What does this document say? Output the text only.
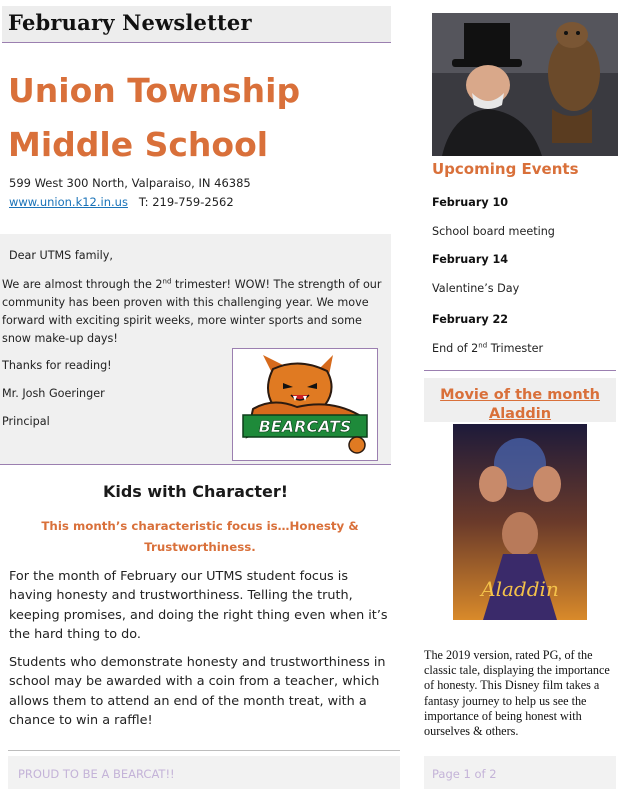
February Newsletter
Union Township Middle School
599 West 300 North, Valparaiso, IN 46385
www.union.k12.in.us T: 219-759-2562
Dear UTMS family,
We are almost through the 2nd trimester! WOW! The strength of our community has been proven with this challenging year. We move forward with exciting spirit weeks, more winter sports and some snow make-up days!
Thanks for reading!
Mr. Josh Goeringer
Principal	BEARCATS
Kids with Character!
This month’s characteristic focus is…Honesty & Trustworthiness.
For the month of February our UTMS student focus is having honesty and trustworthiness. Telling the truth, keeping promises, and doing the right thing even when it’s the hard thing to do.
Students who demonstrate honesty and trustworthiness in school may be awarded with a coin from a teacher, which allows them to attend an end of the month treat, with a chance to win a raffle!
PROUD TO BE A BEARCAT!!
Upcoming Events
February 10
School board meeting
February 14
Valentine’s Day
February 22
End of 2nd Trimester
Movie of the month
Aladdin
Aladdin
The 2019 version, rated PG, of the classic tale, displaying the importance of honesty. This Disney film takes a fantasy journey to help us see the importance of being honest with ourselves & others.
Page 1 of 2
